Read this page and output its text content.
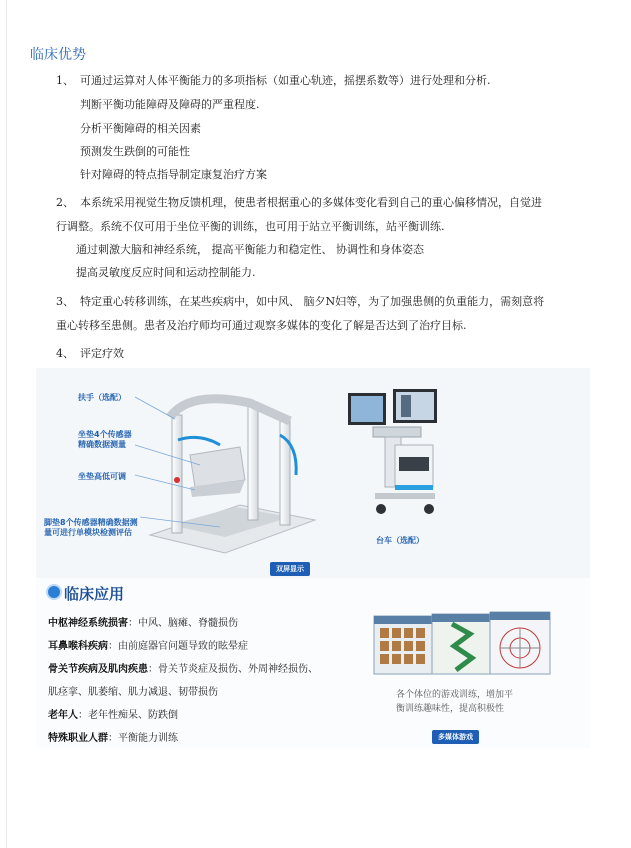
临床优势
1、 可通过运算对人体平衡能力的多项指标（如重心轨迹，摇摆系数等）进行处理和分析.
判断平衡功能障碍及障碍的严重程度.
分析平衡障碍的相关因素
预测发生跌倒的可能性
针对障碍的特点指导制定康复治疗方案
2、 本系统采用视觉生物反馈机理，使患者根据重心的多媒体变化看到自己的重心偏移情况，自觉进
行调整。系统不仅可用于坐位平衡的训练，也可用于站立平衡训练，站平衡训练.
通过刺激大脑和神经系统， 提高平衡能力和稳定性、 协调性和身体姿态
提高灵敏度反应时间和运动控制能力.
3、 特定重心转移训练，在某些疾病中，如中风、 脑夕N妇等，为了加强患侧的负重能力，需刻意将
重心转移至患侧。患者及治疗师均可通过观察多媒体的变化了解是否达到了治疗目标.
4、 评定疗效
扶手（选配）
坐垫4个传感器
精确数据测量
坐垫高低可调
脚垫8个传感器精确数据测
量可进行单模块检测评估
台车（选配）
双屏显示
临床应用
中枢神经系统损害：中风、脑瘫、脊髓损伤
耳鼻喉科疾病：由前庭器官问题导致的眩晕症
骨关节疾病及肌肉疾患：骨关节炎症及损伤、外周神经损伤、
肌痉挛、肌萎缩、肌力减退、韧带损伤
老年人：老年性痴呆、防跌倒
特殊职业人群：平衡能力训练
各个体位的游戏训练，增加平
衡训练趣味性，提高积极性
多媒体游戏
